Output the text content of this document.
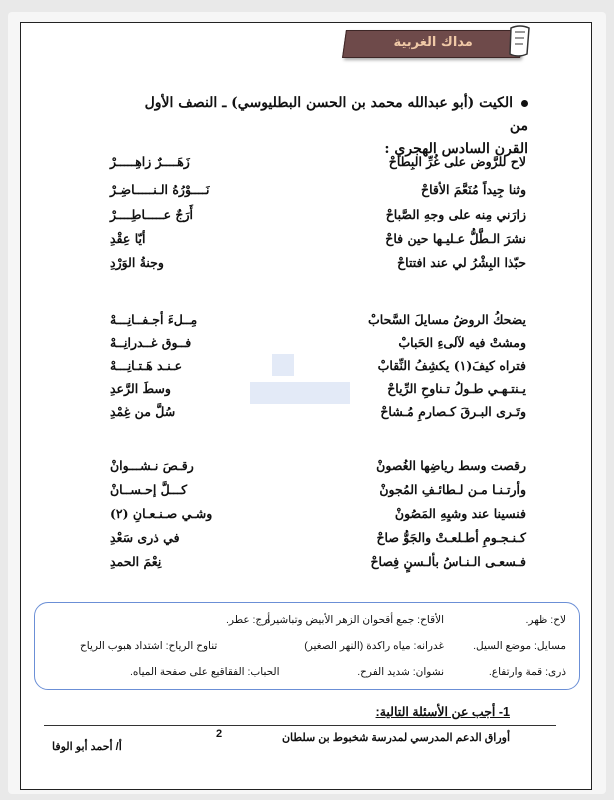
مداك الغربية
الكيت (أبو عبدالله محمد بن الحسن البطليوسي) ـ النصف الأول من
القرن السادس الهجري :
لاح للرَّوض على غُرِّ البِطاحْ
زَهَــــرٌ زاهِـــــرْ
وثنا جِيداً مُنَعَّمَ الأقاحْ
نَــــوْرُهُ الـنـــــاضِـرْ
زارَني مِنه على وجهِ الصَّباحْ
أَرَجٌ عـــــاطِــــرْ
نشرَ الـطَّلُّ عـليـها حين فاحْ
أيّا عِقْدِ
حبّذا البِشْرُ لي عند افتتاحْ
وجنةُ الوَرْدِ
يضحكُ الروضُ مسايلَ السَّحابْ
مِــلءَ أجـفــانِـــهْ
ومشتْ فيه لآلىءِ الحَبابْ
فــوق غــدرانِــهْ
فتراه كيفَ(١) يكشِفُ النِّقابْ
عـنـد هَـتـانِـــهْ
يـنتـهـي طـولُ تـناوحِ الرِّياحْ
وسطَ الرَّعدِ
وتَـرى البـرقَ كـصارمِ مُـشاحْ
سُلَّ من غِمْدِ
رقصت وسط رياضِها الغُصونْ
رقـصَ نـشـــوانْ
وأرتـنـا مـن لـطائـفِ المُجونْ
كـــلَّ إحـســانْ
فنسينا عند وشيِهِ المَصُونْ
وشـي صـنـعـانِ (٢)
كـنـجـومِ أطـلعـتْ والجَوُّ صاحْ
في ذرى سَعْدِ
فـسعـى الـنـاسُ بألـسنٍ فِصاحْ
نِعْمَ الحمدِ
لاح: ظهر.
الأقاح: جمع أقحوان الزهر الأبيض وتباشيره
أرج: عطر.
مسايل: موضع السيل.
غدرانه: مياه راكدة (النهر الصغير)
تناوح الرياح: اشتداد هبوب الرياح
ذرى: قمة وارتفاع.
نشوان: شديد الفرح.
الحباب: الفقاقيع على صفحة المياه.
1- أجب عن الأسئلة التالية:
أوراق الدعم المدرسي لمدرسة شخبوط بن سلطان
2
أ/ أحمد أبو الوفا
